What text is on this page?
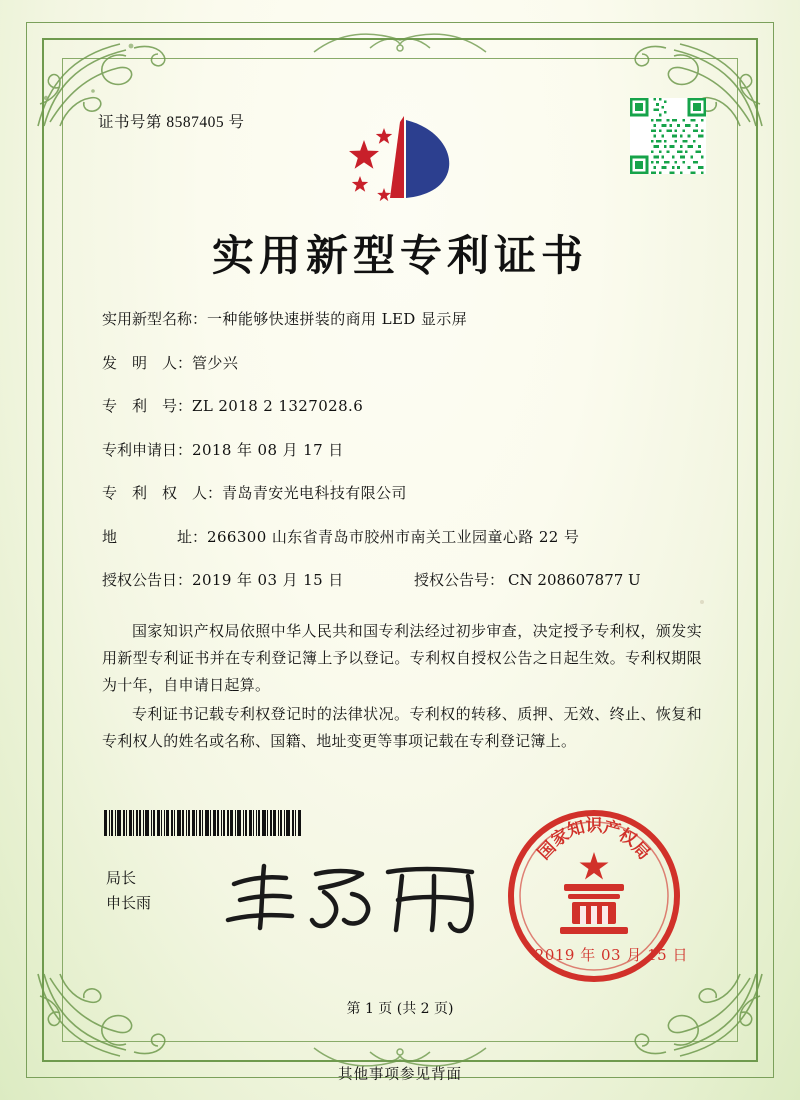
证书号第 8587405 号
实用新型专利证书
实用新型名称： 一种能够快速拼装的商用 LED 显示屏
发　明　人： 管少兴
专　利　号： ZL 2018 2 1327028.6
专利申请日： 2018 年 08 月 17 日
专　利　权　人： 青岛青安光电科技有限公司
地　　　　址： 266300 山东省青岛市胶州市南关工业园童心路 22 号
授权公告日： 2019 年 03 月 15 日	授权公告号： CN 208607877 U

国家知识产权局依照中华人民共和国专利法经过初步审查，决定授予专利权，颁发实用新型专利证书并在专利登记簿上予以登记。专利权自授权公告之日起生效。专利权期限为十年，自申请日起算。

专利证书记载专利权登记时的法律状况。专利权的转移、质押、无效、终止、恢复和专利权人的姓名或名称、国籍、地址变更等事项记载在专利登记簿上。

局长
申长雨
国
家
知
识
产
权
局
2019 年 03 月 15 日
第 1 页 (共 2 页)
其他事项参见背面
